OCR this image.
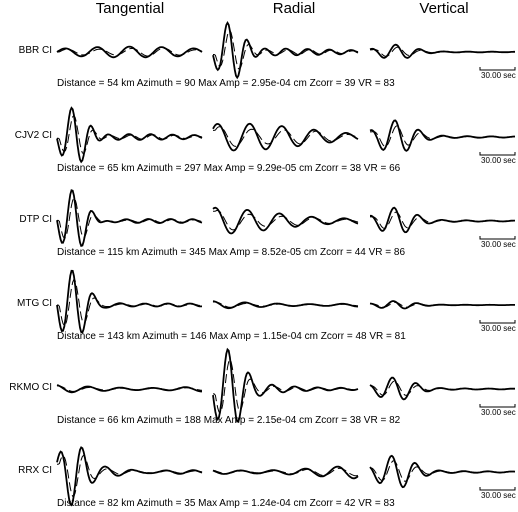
Tangential	Radial	Vertical
BBR CI
Distance = 54 km Azimuth = 90 Max Amp = 2.95e-04 cm Zcorr = 39 VR = 83
30.00 sec
CJV2 CI
Distance = 65 km Azimuth = 297 Max Amp = 9.29e-05 cm Zcorr = 38 VR = 66
30.00 sec
DTP CI
Distance = 115 km Azimuth = 345 Max Amp = 8.52e-05 cm Zcorr = 44 VR = 86
30.00 sec
MTG CI
Distance = 143 km Azimuth = 146 Max Amp = 1.15e-04 cm Zcorr = 48 VR = 81
30.00 sec
RKMO CI
Distance = 66 km Azimuth = 188 Max Amp = 2.15e-04 cm Zcorr = 38 VR = 82
30.00 sec
RRX CI
Distance = 82 km Azimuth = 35 Max Amp = 1.24e-04 cm Zcorr = 42 VR = 83
30.00 sec
